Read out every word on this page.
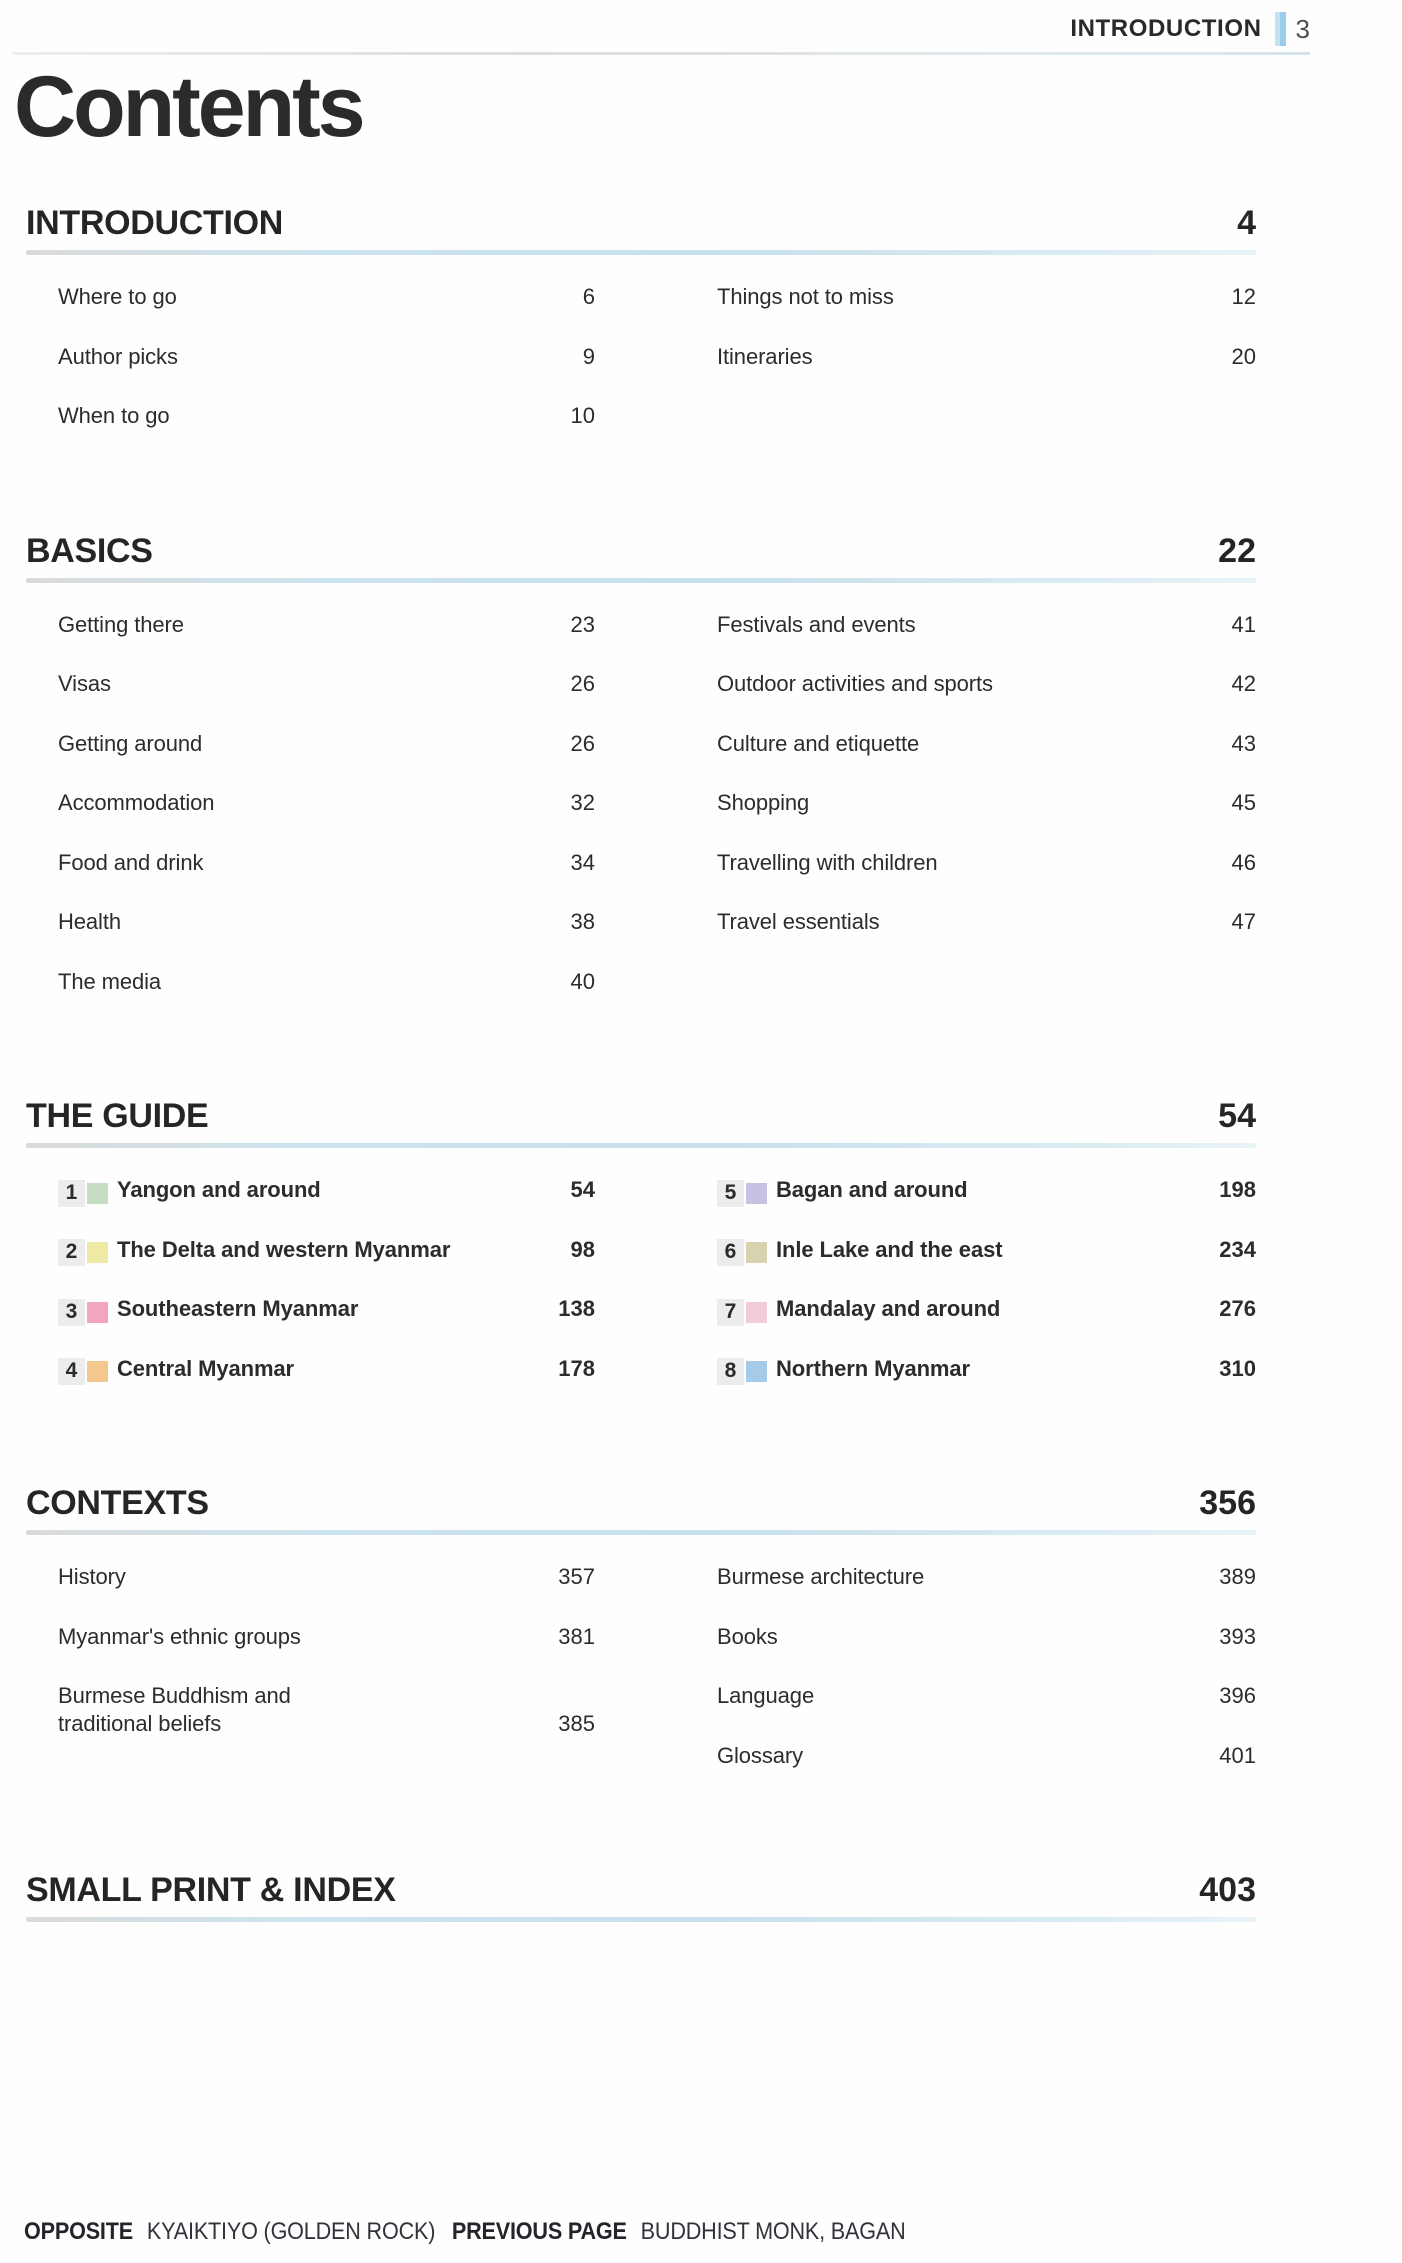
INTRODUCTION 3
Contents
INTRODUCTION	4
Where to go	6
Author picks	9
When to go	10
Things not to miss	12
Itineraries	20
BASICS	22
Getting there	23
Visas	26
Getting around	26
Accommodation	32
Food and drink	34
Health	38
The media	40
Festivals and events	41
Outdoor activities and sports	42
Culture and etiquette	43
Shopping	45
Travelling with children	46
Travel essentials	47
THE GUIDE	54
1	Yangon and around	54
2	The Delta and western Myanmar	98
3	Southeastern Myanmar	138
4	Central Myanmar	178
5	Bagan and around	198
6	Inle Lake and the east	234
7	Mandalay and around	276
8	Northern Myanmar	310
CONTEXTS	356
History	357
Myanmar's ethnic groups	381
Burmese Buddhism and
traditional beliefs	385
Burmese architecture	389
Books	393
Language	396
Glossary	401
SMALL PRINT & INDEX	403
OPPOSITE KYAIKTIYO (GOLDEN ROCK) PREVIOUS PAGE BUDDHIST MONK, BAGAN
